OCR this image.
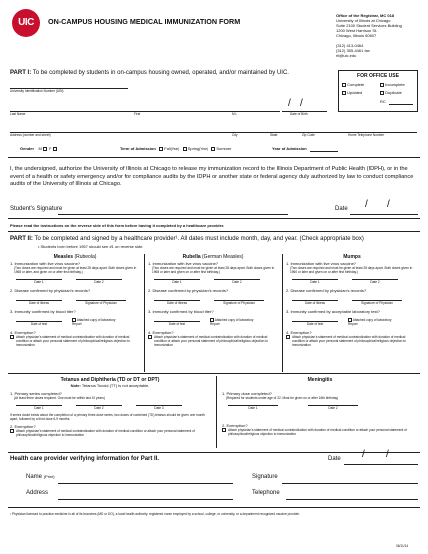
UIC	ON-CAMPUS HOUSING MEDICAL IMMUNIZATION FORM
Office of the Registrar, MC 018
University of Illinois at Chicago
Suite 2100 Student Services Building
1200 West Harrison St.
Chicago, Illinois 60607
(312) 413-0464
(312) 355-4461 fax
rtl@uic.edu
PART I: To be completed by students in on-campus housing owned, operated, and/or maintained by UIC.
University Identification Number (UIN)
FOR OFFICE USE
Complete	Incomplete
Updated	Duplicate
RC
/ /
Last Name	First	M.I.	Date of Birth
Address (number and street)	City	State	Zip Code	Home Telephone Number
Gender M F	Term of Admission Fall(Year) Spring(Year) Summer	Year of Admission
I, the undersigned, authorize the University of Illinois at Chicago to release my immunization record to the Illinois Department of Public Health (IDPH), or in the event of a health or safety emergency and/or for compliance audits by the IDPH or another state or federal agency duly authorized by law to conduct compliance audits of the University of Illinois at Chicago.
Student's Signature	Date / /
Please read the instructions on the reverse side of this form before having it completed by a healthcare provider.
PART II: To be completed and signed by a healthcare provider¹. All dates must include month, day, and year. (Check appropriate box)
• Students born before 1957 should see #1 on reverse side.
Measles (Rubeola)
1. Immunization with live virus vaccine?
(Two doses are required and must be given at least 28 days apart. Both doses given in 1968 or later, and given on or after first birthday.)
Date 1	Date 2
2. Disease confirmed by physician's records?
Date of illness	Signature of Physician
3. Immunity confirmed by blood titer?
Date of test
Attached copy of laboratory Report
4. Exemption?
Attach physician's statement of medical contraindication with duration of medical condition or attach your personal statement of philosophical/religious objection to immunization
Rubella (German Measles)
1. Immunization with live virus vaccine?
(Two doses are required and must be given at least 28 days apart. Both doses given in 1968 or later and given on or after first birthday.)
Date 1	Date 2
2. Disease confirmed by physician's records?
Date of illness	Signature of Physician
3. Immunity confirmed by blood titer?
Date of test
Attached copy of laboratory Report
4. Exemption?
Attach physician's statement of medical contraindication with duration of medical condition or attach your personal statement of philosophical/religious objection to immunization
Mumps
1. Immunization with live virus vaccine?
(Two doses are required and must be given at least 28 days apart. Both doses given in 1960 or later and given on or after first birthday.)
Date 1	Date 2
2. Disease confirmed by physician's records?
Date of illness	Signature of Physician
3. Immunity confirmed by acceptable laboratory test?
Date of test
Attached copy of laboratory Report
4. Exemption?
Attach physician's statement of medical contraindication with duration of medical condition or attach your personal statement of philosophical/religious objection to immunization
Tetanus and Diphtheria (TD or DT or DPT)
Note: Tetanus Toxoid (TT) is not acceptable.
1. Primary series completed?
(At least three doses required. One must be within last 10 years)
Date 1	Date 2	Date 3
If series doubt exists about the completion of a primary three-dose series, two doses of combined (TD) tetanus should be given one month apart, followed by a third dose 6-9 months.
2. Exemption?
Attach physician's statement of medical contraindication with duration of medical condition or attach your personal statement of philosophical/religious objection to immunization
Meningitis
1. Primary dose completed?
(Required for students under age of 22. Must be given on or after 16th birthday)
Date 1	Date 2
2. Exemption?
Attach physician's statement of medical contraindication with duration of medical condition or attach your personal statement of philosophical/religious objection to immunization
Health care provider verifying information for Part II.	Date / /
Name (Print)	Signature
Address	Telephone
¹ Physician licensed to practice medicine in all of its branches (MD or DO), a local health authority, registered nurse employed by a school, college, or university, or a department recognized vaccine provider.
06/11/14
